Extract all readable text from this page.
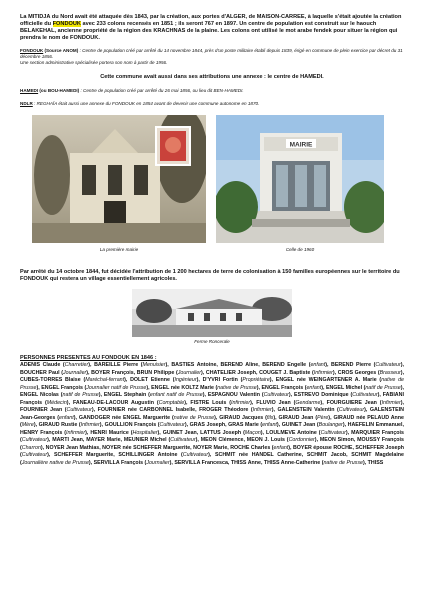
La MITIDJA du Nord avait été attaquée dès 1843, par la création, aux portes d'ALGER, de MAISON-CARREE, à laquelle s'était ajoutée la création officielle du FONDOUK avec 233 colons recensés en 1851 ; ils seront 767 en 1897. Un centre de population est construit sur le haouch BELAKEHAL, ancienne propriété de la région des KRACHNAS de la plaine. Les colons ont utilisé le mot arabe fendek pour situer la région qui prendra le nom de FONDOUK.

FONDOUK (Source ANOM) : Centre de population créé par arrêté du 14 novembre 1844, près d'un poste militaire établi depuis 1839, érigé en commune de plein exercice par décret du 31 décembre 1856.
Une section administrative spécialisée portera son nom à partir de 1956.

Cette commune avait aussi dans ses attributions une annexe : le centre de HAMEDI.

HAMEDI (ou BOU-HAMEDI) : Centre de population créé par arrêté du 26 mai 1856, ou lieu dit BEN-HAMEDI.

NDLR : REGHAÏA était aussi une annexe du FONDOUK en 1854 avant de devenir une commune autonome en 1870.

MAIRIE
La première mairie	Celle de 1960

Par arrêté du 14 octobre 1844, fut décidée l'attribution de 1 200 hectares de terre de colonisation à 150 familles européennes sur le territoire du FONDOUK qui restera un village essentiellement agricoles.

Ferme Roncerale

PERSONNES PRESENTES AU FONDOUK EN 1846 :

ADENIS Claude (Charretier), BAREILLE Pierre (Menuisier), BASTIES Antoine, BEREND Aline, BEREND Engelle (enfant), BEREND Pierre (Cultivateur), BOUCHER Paul (Journalier), BOYER François, BRUN Philippe (Journalier), CHATELIER Joseph, COUGET J. Baptiste (Infirmier), CROS Georges (Brasseur), CUBES-TORRES Blaise (Maréchal-ferrant), DOLET Etienne (Ingénieur), D'YVRI Fortin (Propriétaire), ENGEL née WEINGARTENER A. Marie (native de Prusse), ENGEL François (Journalier natif de Prusse), ENGEL née KOLTZ Marie (native de Prusse), ENGEL François (enfant), ENGEL Michel (natif de Prusse), ENGEL Nicolas (natif de Prusse), ENGEL Stephain (enfant natif de Prusse), ESPAGNOU Valentin (Cultivateur), ESTREVO Dominique (Cultivateur), FABIANI François (Médecin), FANEAU-DE-LACOUR Augustin (Comptable), FISTRE Louis (Infirmier), FLUVIO Jean (Gendarme), FOURGUIERE Jean (Infirmier), FOURNIER Jean (Cultivateur), FOURNIER née CARBONNEL Isabelle, FROGER Théodore (Infirmier), GALENSTEIN Valentin (Cultivateur), GALENSTEIN Jean-Georges (enfant), GANDOGER née ENGEL Marguerite (native de Prusse), GIRAUD Jacques (fils), GIRAUD Jean (Père), GIRAUD née PELAUD Anne (Mère), GIRAUD Rustie (Infirmier), GOULLION François (Cultivateur), GRAS Joseph, GRAS Marie (enfant), GUINET Jean (Boulanger), HAEFELIN Emmanuel, HENRY François (Infirmier), HENRI Maurice (Hospitalier), GUINET Jean, LATTUS Joseph (Maçon), LOULMEVE Antoine (Cultivateur), MARQUIER François (Cultivateur), MARTI Jean, MAYER Marie, MEUNIER Michel (Cultivateur), MEON Clémence, MEON J. Louis (Cordonnier), MEON Simon, MOUSSY François (Charron), NOYER Jean Mathias, NOYER née SCHEFFER Marguerite, NOYER Marie, ROCHE Charles (enfant), BOYER épouse ROCHE, SCHEFFER Joseph (Cultivateur), SCHEFFER Marguerite, SCHILLINGER Antoine (Cultivateur), SCHMIT née HANDEL Catherine, SCHMIT Jacob, SCHMIT Magdelaine (Journalière native de Prusse), SERVILLA François (Journalier), SERVILLA Francesca, THISS Anne, THISS Anne-Catherine (native de Prusse), THISS
